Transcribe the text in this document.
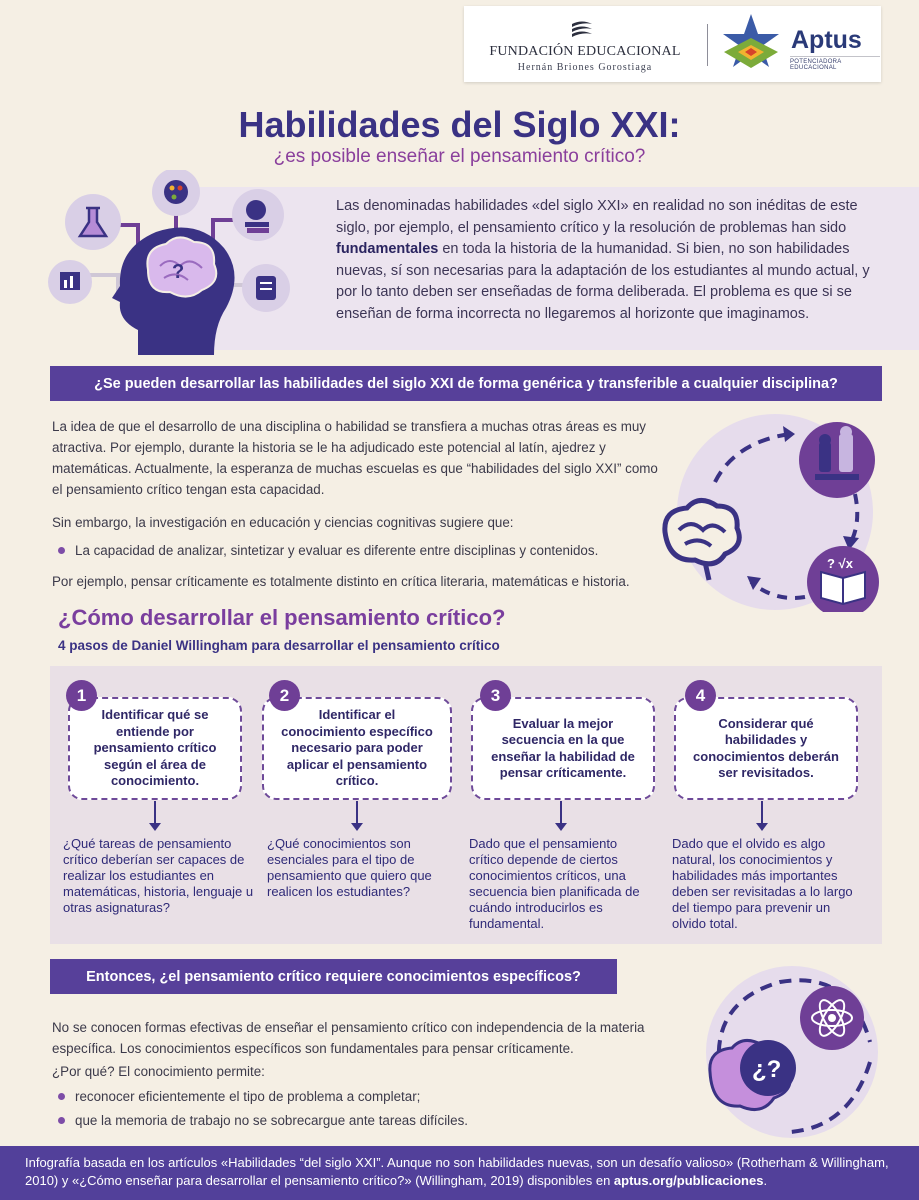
FUNDACIÓN EDUCACIONAL
Hernán Briones Gorostiaga
Aptus
POTENCIADORA EDUCACIONAL
Habilidades del Siglo XXI:
¿es posible enseñar el pensamiento crítico?
?
Las denominadas habilidades «del siglo XXI» en realidad no son inéditas de este siglo, por ejemplo, el pensamiento crítico y la resolución de problemas han sido fundamentales en toda la historia de la humanidad. Si bien, no son habilidades nuevas, sí son necesarias para la adaptación de los estudiantes al mundo actual, y por lo tanto deben ser enseñadas de forma deliberada. El problema es que si se enseñan de forma incorrecta no llegaremos al horizonte que imaginamos.
¿Se pueden desarrollar las habilidades del siglo XXI de forma genérica y transferible a cualquier disciplina?
La idea de que el desarrollo de una disciplina o habilidad se transfiera a muchas otras áreas es muy atractiva. Por ejemplo, durante la historia se le ha adjudicado este potencial al latín, ajedrez y matemáticas. Actualmente, la esperanza de muchas escuelas es que “habilidades del siglo XXI” como el pensamiento crítico tengan esta capacidad.
Sin embargo, la investigación en educación y ciencias cognitivas sugiere que:
La capacidad de analizar, sintetizar y evaluar es diferente entre disciplinas y contenidos.
Por ejemplo, pensar críticamente es totalmente distinto en crítica literaria, matemáticas e historia.
? √x
¿Cómo desarrollar el pensamiento crítico?
4 pasos de Daniel Willingham para desarrollar el pensamiento crítico
Identificar qué se entiende por pensamiento crítico según el área de conocimiento.
1
¿Qué tareas de pensamiento crítico deberían ser capaces de realizar los estudiantes en matemáticas, historia, lenguaje u otras asignaturas?
Identificar el conocimiento específico necesario para poder aplicar el pensamiento crítico.
2
¿Qué conocimientos son esenciales para el tipo de pensamiento que quiero que realicen los estudiantes?
Evaluar la mejor secuencia en la que enseñar la habilidad de pensar críticamente.
3
Dado que el pensamiento crítico depende de ciertos conocimientos críticos, una secuencia bien planificada de cuándo introducirlos es fundamental.
Considerar qué habilidades y conocimientos deberán ser revisitados.
4
Dado que el olvido es algo natural, los conocimientos y habilidades más importantes deben ser revisitadas a lo largo del tiempo para prevenir un olvido total.
Entonces, ¿el pensamiento crítico requiere conocimientos específicos?
No se conocen formas efectivas de enseñar el pensamiento crítico con independencia de la materia específica. Los conocimientos específicos son fundamentales para pensar críticamente.
¿Por qué? El conocimiento permite:
reconocer eficientemente el tipo de problema a completar;
que la memoria de trabajo no se sobrecargue ante tareas difíciles.
¿?
Infografía basada en los artículos «Habilidades “del siglo XXI”. Aunque no son habilidades nuevas, son un desafío valioso» (Rotherham & Willingham, 2010) y «¿Cómo enseñar para desarrollar el pensamiento crítico?» (Willingham, 2019) disponibles en aptus.org/publicaciones.
